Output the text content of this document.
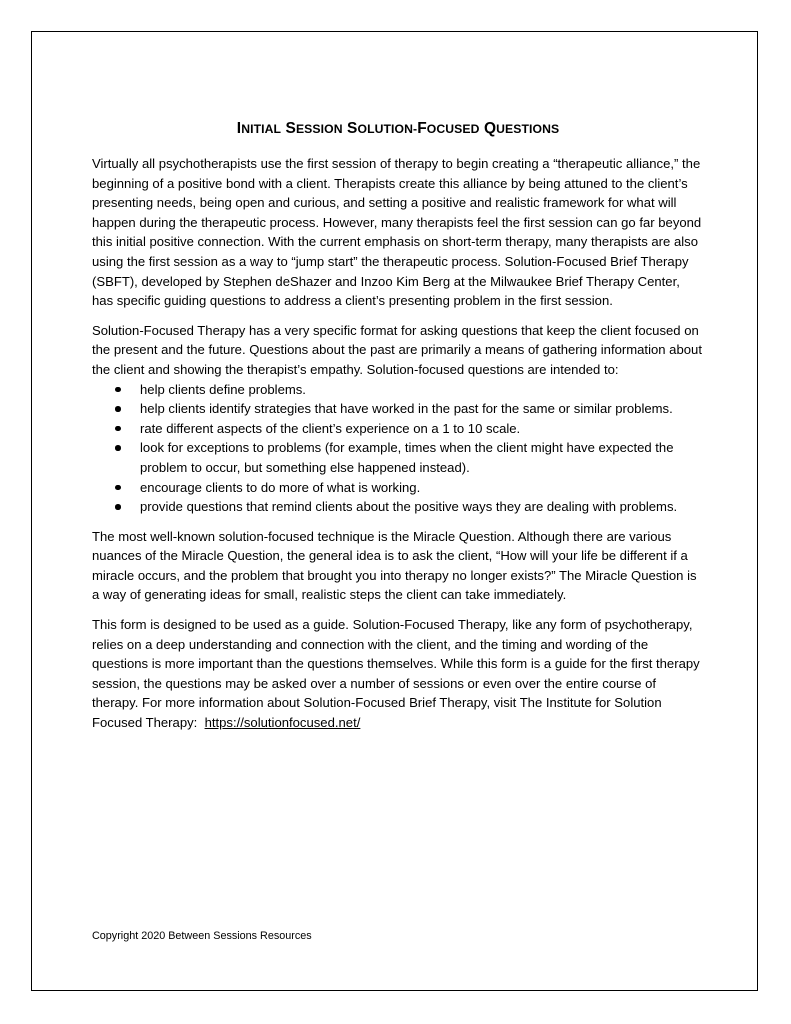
INITIAL SESSION SOLUTION-FOCUSED QUESTIONS

Virtually all psychotherapists use the first session of therapy to begin creating a “therapeutic alliance,” the beginning of a positive bond with a client. Therapists create this alliance by being attuned to the client’s presenting needs, being open and curious, and setting a positive and realistic framework for what will happen during the therapeutic process. However, many therapists feel the first session can go far beyond this initial positive connection. With the current emphasis on short-term therapy, many therapists are also using the first session as a way to “jump start” the therapeutic process. Solution-Focused Brief Therapy (SBFT), developed by Stephen deShazer and Inzoo Kim Berg at the Milwaukee Brief Therapy Center, has specific guiding questions to address a client’s presenting problem in the first session.

Solution-Focused Therapy has a very specific format for asking questions that keep the client focused on the present and the future. Questions about the past are primarily a means of gathering information about the client and showing the therapist’s empathy. Solution-focused questions are intended to:

help clients define problems.
help clients identify strategies that have worked in the past for the same or similar problems.
rate different aspects of the client’s experience on a 1 to 10 scale.
look for exceptions to problems (for example, times when the client might have expected the problem to occur, but something else happened instead).
encourage clients to do more of what is working.
provide questions that remind clients about the positive ways they are dealing with problems.

The most well-known solution-focused technique is the Miracle Question. Although there are various nuances of the Miracle Question, the general idea is to ask the client, “How will your life be different if a miracle occurs, and the problem that brought you into therapy no longer exists?” The Miracle Question is a way of generating ideas for small, realistic steps the client can take immediately.

This form is designed to be used as a guide. Solution-Focused Therapy, like any form of psychotherapy, relies on a deep understanding and connection with the client, and the timing and wording of the questions is more important than the questions themselves. While this form is a guide for the first therapy session, the questions may be asked over a number of sessions or even over the entire course of therapy. For more information about Solution-Focused Brief Therapy, visit The Institute for Solution Focused Therapy: https://solutionfocused.net/

Copyright 2020 Between Sessions Resources
